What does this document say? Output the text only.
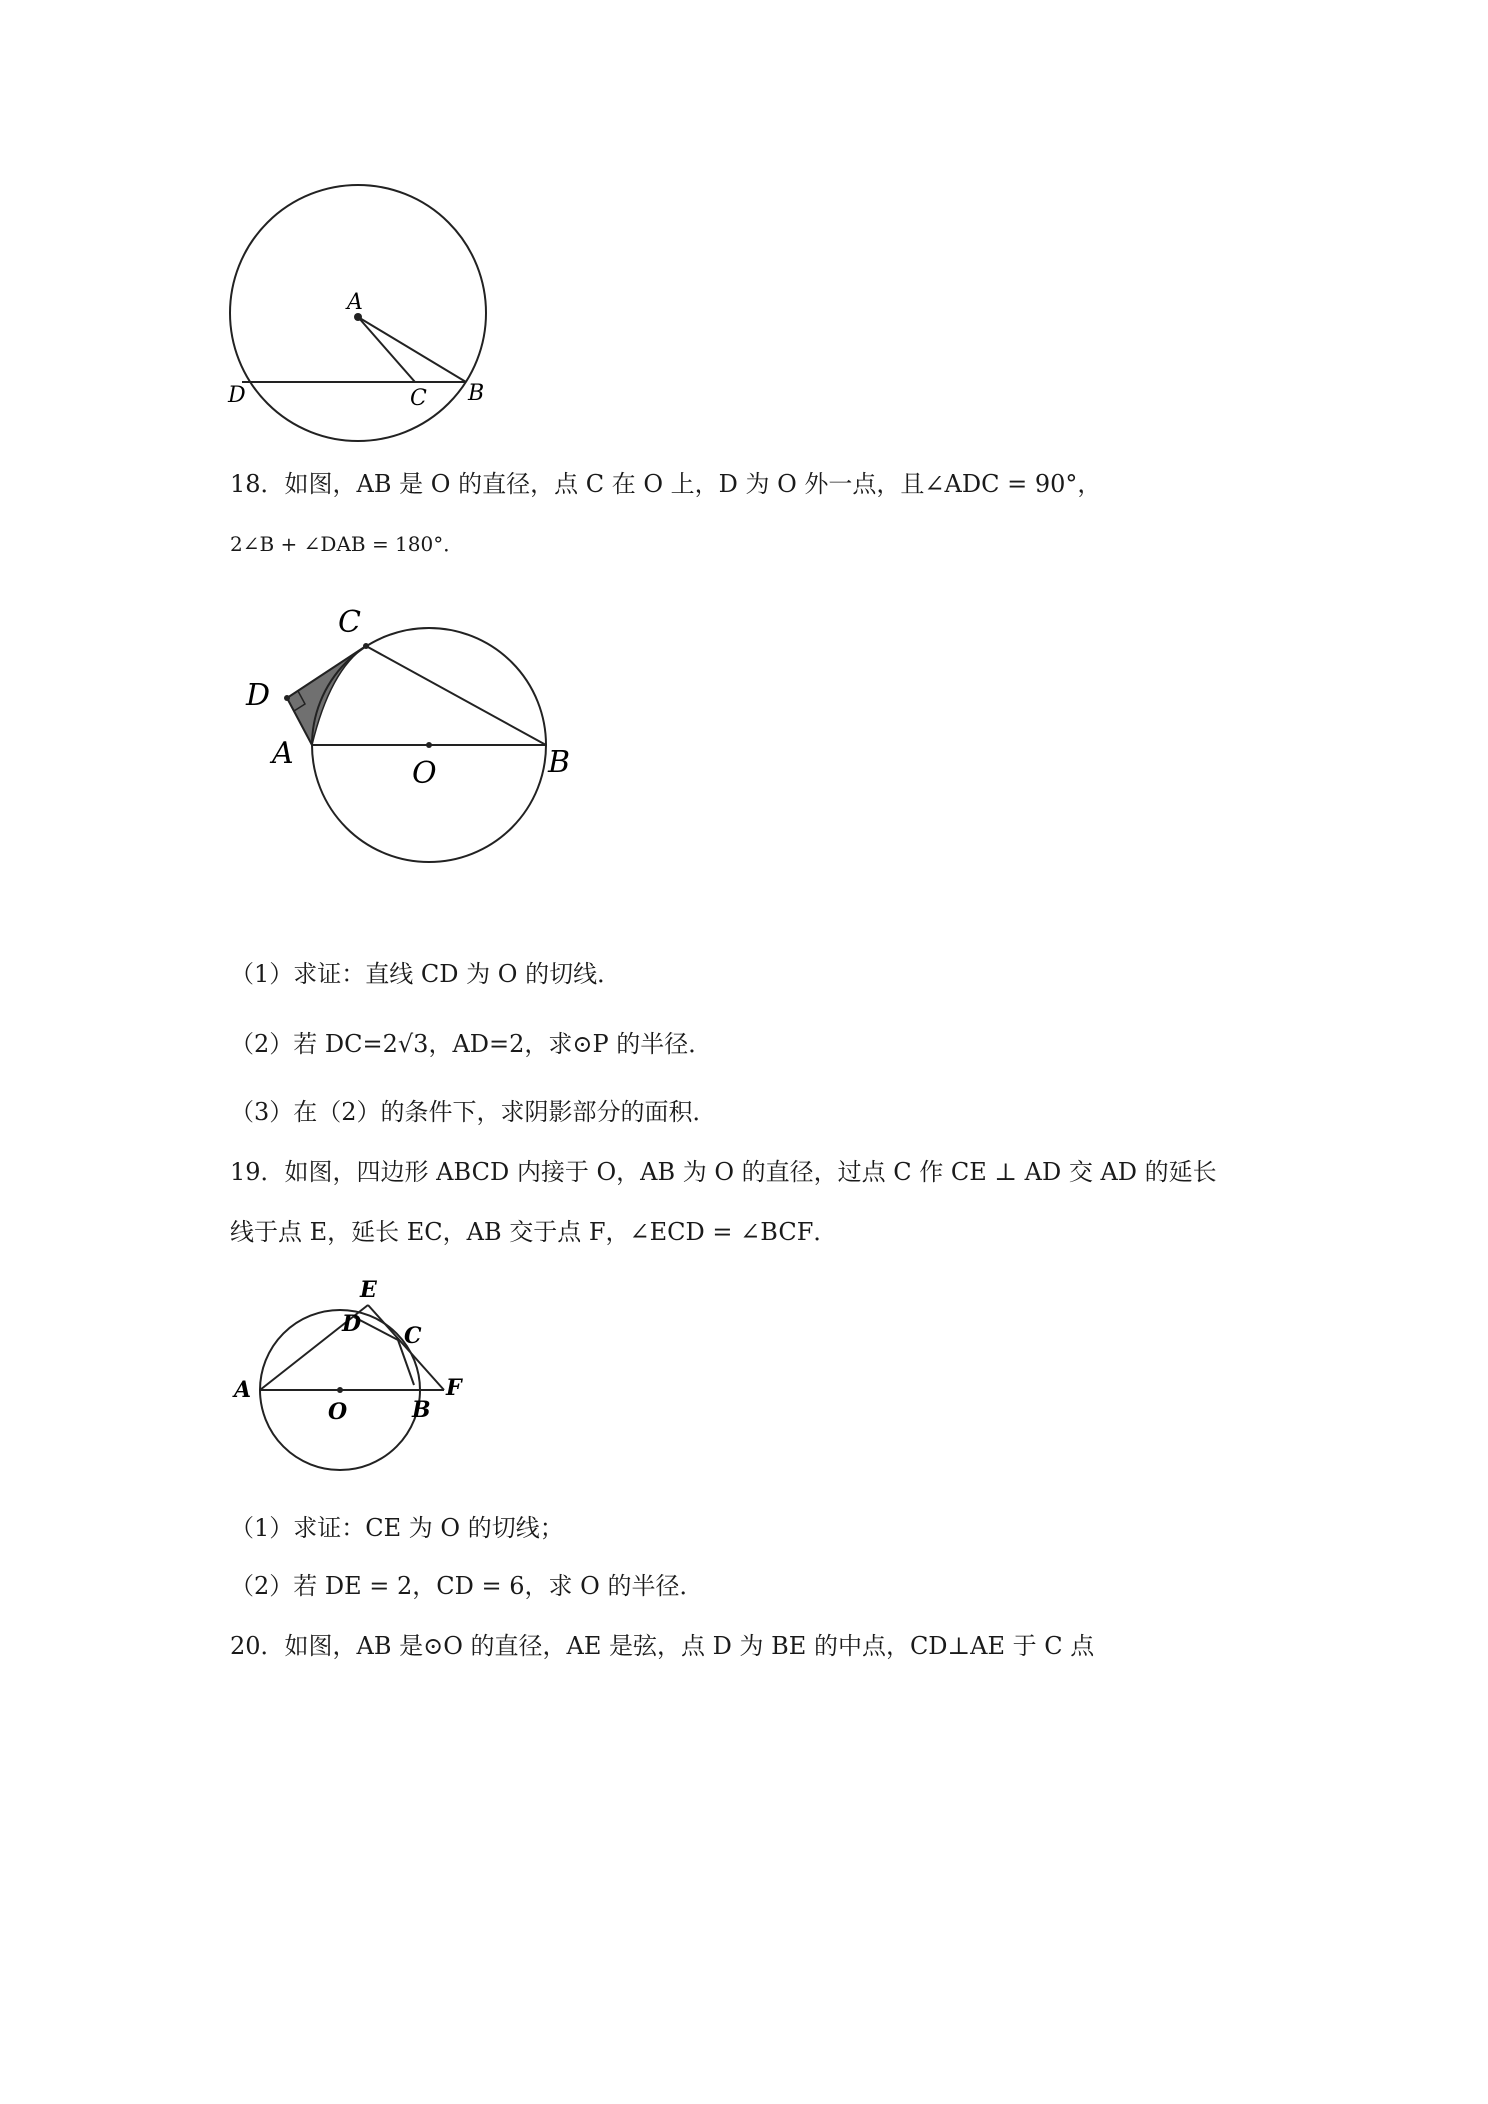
A
D	C B
18．如图，AB 是 O 的直径，点 C 在 O 上，D 为 O 外一点，且∠ADC = 90°，
2∠B + ∠DAB = 180°．
C
D
A
O	B
（1）求证：直线 CD 为 O 的切线．
（2）若 DC=2√3，AD=2，求⊙P 的半径．
（3）在（2）的条件下，求阴影部分的面积．
19．如图，四边形 ABCD 内接于 O，AB 为 O 的直径，过点 C 作 CE ⊥ AD 交 AD 的延长
线于点 E，延长 EC，AB 交于点 F，∠ECD = ∠BCF．
E
D C
A
O	B
F
（1）求证：CE 为 O 的切线；
（2）若 DE = 2，CD = 6，求 O 的半径．
20．如图，AB 是⊙O 的直径，AE 是弦，点 D 为 BE 的中点，CD⊥AE 于 C 点
